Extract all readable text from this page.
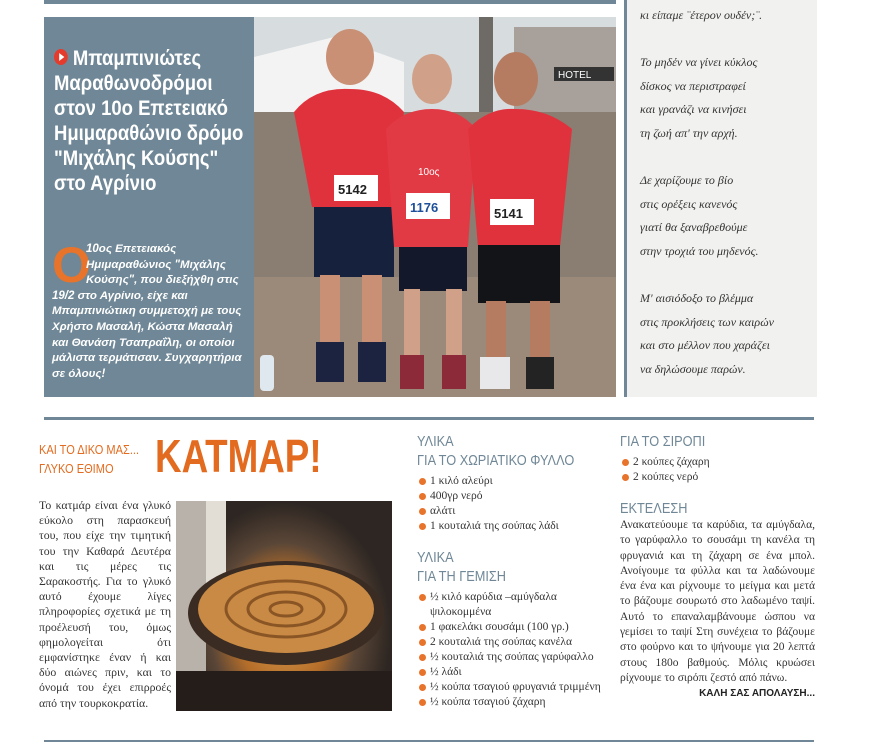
Μπαμπινιώτες Μαραθωνοδρόμοι στον 10ο Επετειακό Ημιμαραθώνιο δρόμο "Μιχάλης Κούσης" στο Αγρίνιο

Ο
10ος Επετειακός Ημιμαραθώνιος "Μιχάλης Κούσης", που διεξήχθη στις 19/2 στο Αγρίνιο, είχε και Μπαμπινιώτικη συμμετοχή με τους Χρήστο Μασαλή, Κώστα Μασαλή και Θανάση Τσαπραΐλη, οι οποίοι μάλιστα τερμάτισαν. Συγχαρητήρια σε όλους!

HOTEL
5142
10ος
1176	5141
κι είπαμε ¨έτερον ουδέν;¨.

Το μηδέν να γίνει κύκλος
δίσκος να περιστραφεί
και γρανάζι να κινήσει
τη ζωή απ' την αρχή.

Δε χαρίζουμε το βίο
στις ορέξεις κανενός
γιατί θα ξαναβρεθούμε
στην τροχιά του μηδενός.

Μ' αισιόδοξο το βλέμμα
στις προκλήσεις των καιρών
και στο μέλλον που χαράζει
να δηλώσουμε παρών.
ΚΑΙ ΤΟ ΔΙΚΟ ΜΑΣ...
ΓΛΥΚΟ ΕΘΙΜΟ ΚΑΤΜΑΡ!
Το κατμάρ είναι ένα γλυκό εύκολο στη παρασκευή του, που είχε την τιμητική του την Καθαρά Δευτέρα και τις μέρες τις Σαρακοστής. Για το γλυκό αυτό έχουμε λίγες πληροφορίες σχετικά με τη προέλευσή του, όμως φημολογείται ότι εμφανίστηκε έναν ή και δύο αιώνες πριν, και το όνομά του έχει επιρροές από την τουρκοκρατία.
ΥΛΙΚΑ
ΓΙΑ ΤΟ ΧΩΡΙΑΤΙΚΟ ΦΥΛΛΟ
1 κιλό αλεύρι
400γρ νερό
αλάτι
1 κουταλιά της σούπας λάδι
ΥΛΙΚΑ
ΓΙΑ ΤΗ ΓΕΜΙΣΗ
½ κιλό καρύδια –αμύγδαλα ψιλοκομμένα
1 φακελάκι σουσάμι (100 γρ.)
2 κουταλιά της σούπας κανέλα
½ κουταλιά της σούπας γαρύφαλλο
½ λάδι
½ κούπα τσαγιού φρυγανιά τριμμένη
½ κούπα τσαγιού ζάχαρη
ΓΙΑ ΤΟ ΣΙΡΟΠΙ
2 κούπες ζάχαρη
2 κούπες νερό
ΕΚΤΕΛΕΣΗ

Ανακατεύουμε τα καρύδια, τα αμύγδαλα, το γαρύφαλλο το σουσάμι τη κανέλα τη φρυγανιά και τη ζάχαρη σε ένα μπολ. Ανοίγουμε τα φύλλα και τα λαδώνουμε ένα ένα και ρίχνουμε το μείγμα και μετά το βάζουμε σουρωτό στο λαδωμένο ταψί. Αυτό το επαναλαμβάνουμε ώσπου να γεμίσει το ταψί Στη συνέχεια το βάζουμε στο φούρνο και το ψήνουμε για 20 λεπτά στους 180ο βαθμούς. Μόλις κρυώσει ρίχνουμε το σιρόπι ζεστό από πάνω.

ΚΑΛΗ ΣΑΣ ΑΠΟΛΑΥΣΗ...
